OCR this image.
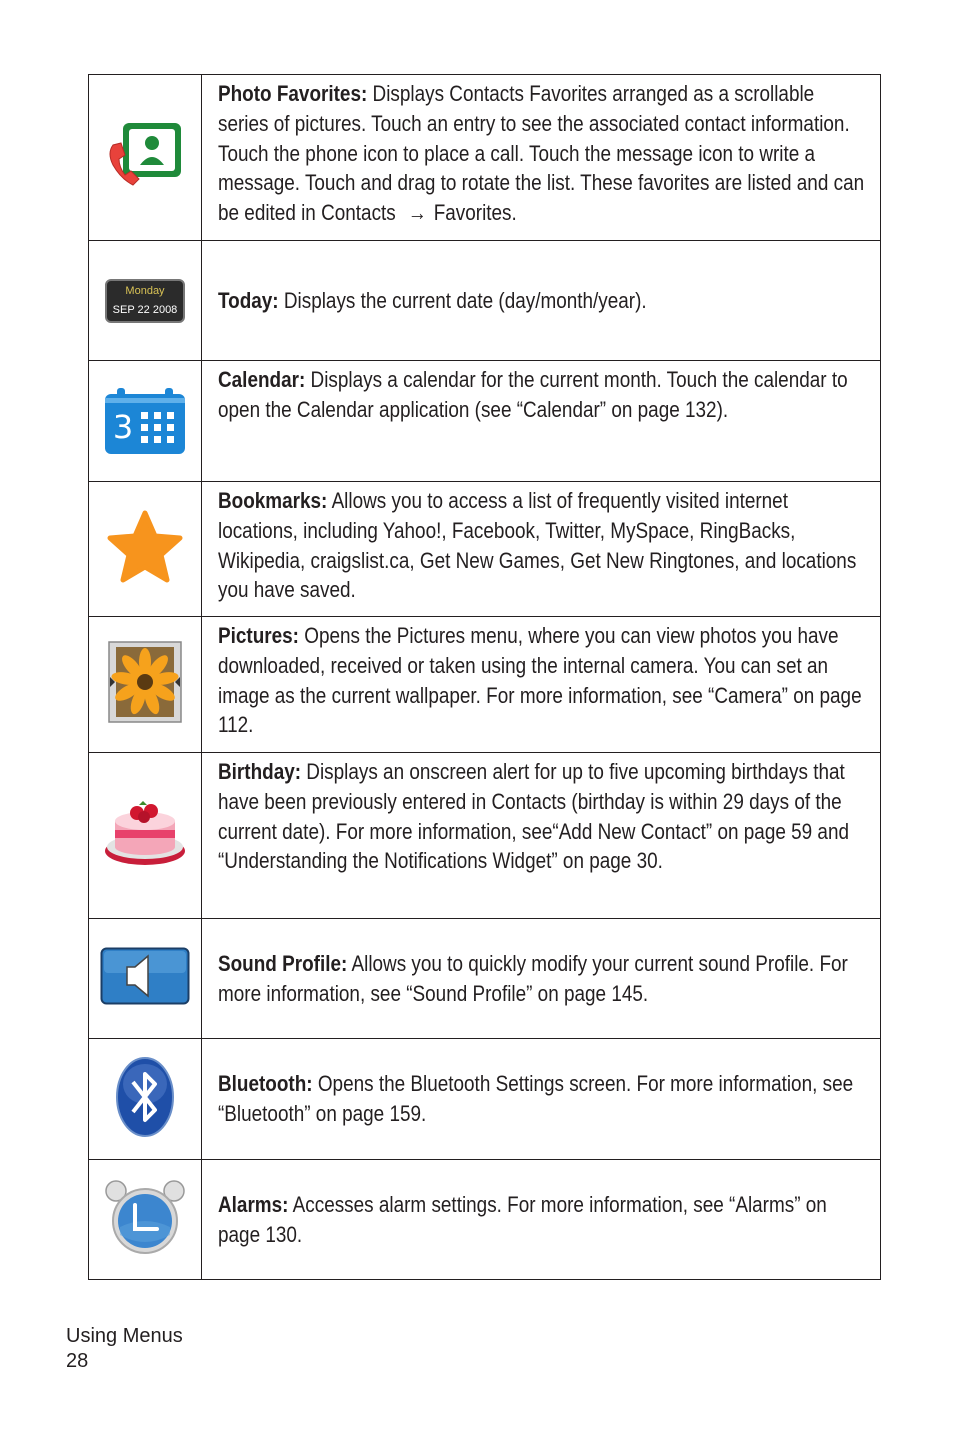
Photo Favorites: Displays Contacts Favorites arranged as a scrollable series of pictures. Touch an entry to see the associated contact information. Touch the phone icon to place a call. Touch the message icon to write a message. Touch and drag to rotate the list. These favorites are listed and can be edited in Contacts → Favorites.

Monday
SEP 22 2008	Today: Displays the current date (day/month/year).

3	Calendar: Displays a calendar for the current month. Touch the calendar to open the Calendar application (see “Calendar” on page 132).

Bookmarks: Allows you to access a list of frequently visited internet locations, including Yahoo!, Facebook, Twitter, MySpace, RingBacks, Wikipedia, craigslist.ca, Get New Games, Get New Ringtones, and locations you have saved.

Pictures: Opens the Pictures menu, where you can view photos you have downloaded, received or taken using the internal camera. You can set an image as the current wallpaper. For more information, see “Camera” on page 112.

Birthday: Displays an onscreen alert for up to five upcoming birthdays that have been previously entered in Contacts (birthday is within 29 days of the current date). For more information, see“Add New Contact” on page 59 and “Understanding the Notifications Widget” on page 30.

Sound Profile: Allows you to quickly modify your current sound Profile. For more information, see “Sound Profile” on page 145.

Bluetooth: Opens the Bluetooth Settings screen. For more information, see “Bluetooth” on page 159.

Alarms: Accesses alarm settings. For more information, see “Alarms” on page 130.
Using Menus
28
